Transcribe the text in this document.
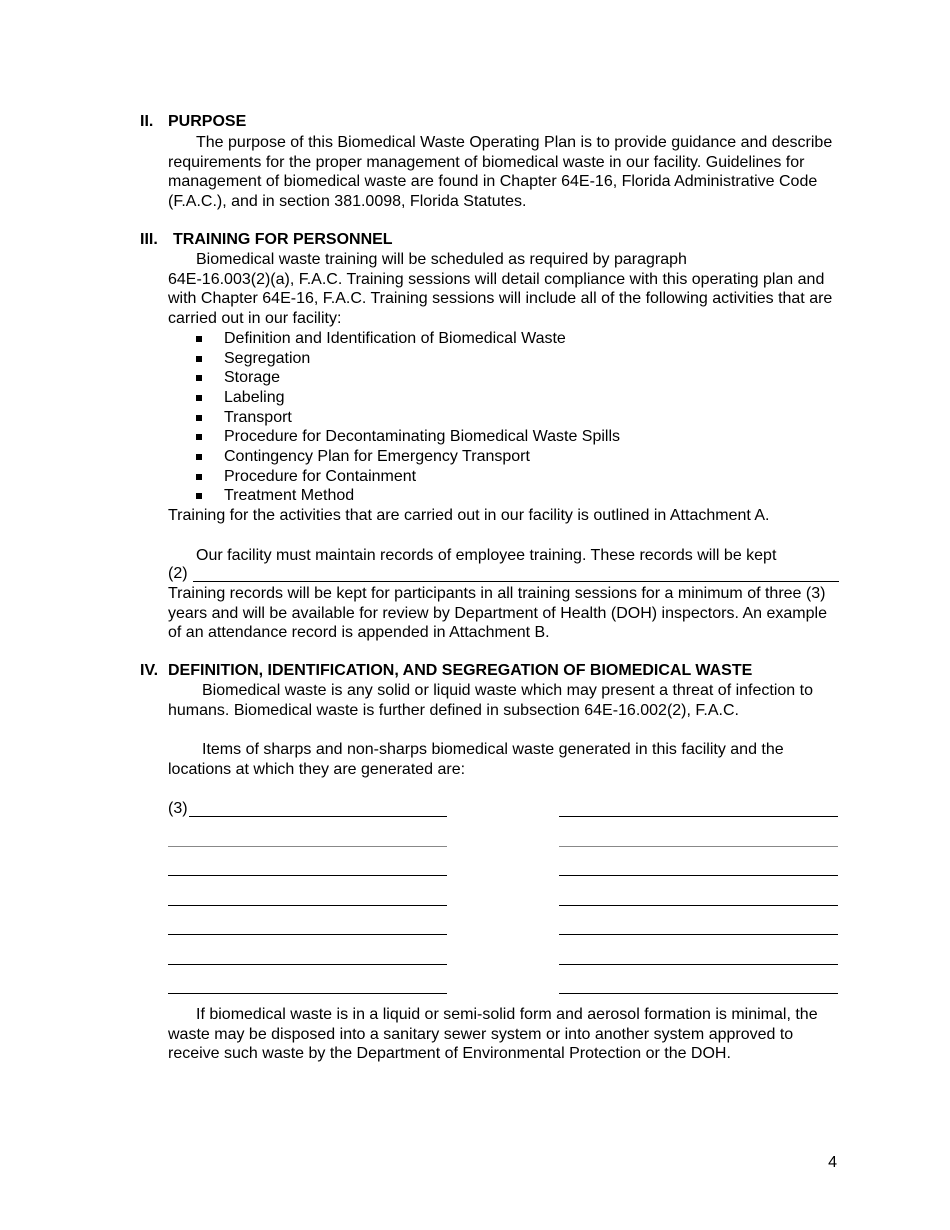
II. PURPOSE
The purpose of this Biomedical Waste Operating Plan is to provide guidance and describe requirements for the proper management of biomedical waste in our facility. Guidelines for management of biomedical waste are found in Chapter 64E-16, Florida Administrative Code (F.A.C.), and in section 381.0098, Florida Statutes.
III. TRAINING FOR PERSONNEL
Biomedical waste training will be scheduled as required by paragraph
64E-16.003(2)(a), F.A.C. Training sessions will detail compliance with this operating plan and with Chapter 64E-16, F.A.C. Training sessions will include all of the following activities that are carried out in our facility:
Definition and Identification of Biomedical Waste
Segregation
Storage
Labeling
Transport
Procedure for Decontaminating Biomedical Waste Spills
Contingency Plan for Emergency Transport
Procedure for Containment
Treatment Method
Training for the activities that are carried out in our facility is outlined in Attachment A.
Our facility must maintain records of employee training. These records will be kept
(2)
Training records will be kept for participants in all training sessions for a minimum of three (3) years and will be available for review by Department of Health (DOH) inspectors. An example of an attendance record is appended in Attachment B.
IV. DEFINITION, IDENTIFICATION, AND SEGREGATION OF BIOMEDICAL WASTE
Biomedical waste is any solid or liquid waste which may present a threat of infection to humans. Biomedical waste is further defined in subsection 64E-16.002(2), F.A.C.
Items of sharps and non-sharps biomedical waste generated in this facility and the locations at which they are generated are:
(3)
If biomedical waste is in a liquid or semi-solid form and aerosol formation is minimal, the waste may be disposed into a sanitary sewer system or into another system approved to receive such waste by the Department of Environmental Protection or the DOH.
4
